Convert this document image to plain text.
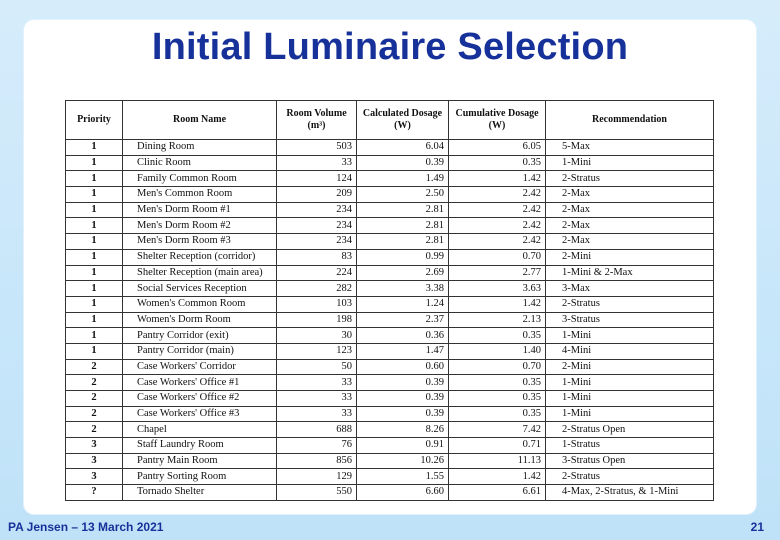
Initial Luminaire Selection
Priority	Room Name	Room Volume (m³)	Calculated Dosage (W)	Cumulative Dosage (W)	Recommendation
1	Dining Room	503	6.04	6.05	5-Max
1	Clinic Room	33	0.39	0.35	1-Mini
1	Family Common Room	124	1.49	1.42	2-Stratus
1	Men's Common Room	209	2.50	2.42	2-Max
1	Men's Dorm Room #1	234	2.81	2.42	2-Max
1	Men's Dorm Room #2	234	2.81	2.42	2-Max
1	Men's Dorm Room #3	234	2.81	2.42	2-Max
1	Shelter Reception (corridor)	83	0.99	0.70	2-Mini
1	Shelter Reception (main area)	224	2.69	2.77	1-Mini & 2-Max
1	Social Services Reception	282	3.38	3.63	3-Max
1	Women's Common Room	103	1.24	1.42	2-Stratus
1	Women's Dorm Room	198	2.37	2.13	3-Stratus
1	Pantry Corridor (exit)	30	0.36	0.35	1-Mini
1	Pantry Corridor (main)	123	1.47	1.40	4-Mini
2	Case Workers' Corridor	50	0.60	0.70	2-Mini
2	Case Workers' Office #1	33	0.39	0.35	1-Mini
2	Case Workers' Office #2	33	0.39	0.35	1-Mini
2	Case Workers' Office #3	33	0.39	0.35	1-Mini
2	Chapel	688	8.26	7.42	2-Stratus Open
3	Staff Laundry Room	76	0.91	0.71	1-Stratus
3	Pantry Main Room	856	10.26	11.13	3-Stratus Open
3	Pantry Sorting Room	129	1.55	1.42	2-Stratus
?	Tornado Shelter	550	6.60	6.61	4-Max, 2-Stratus, & 1-Mini
PA Jensen – 13 March 2021	21
